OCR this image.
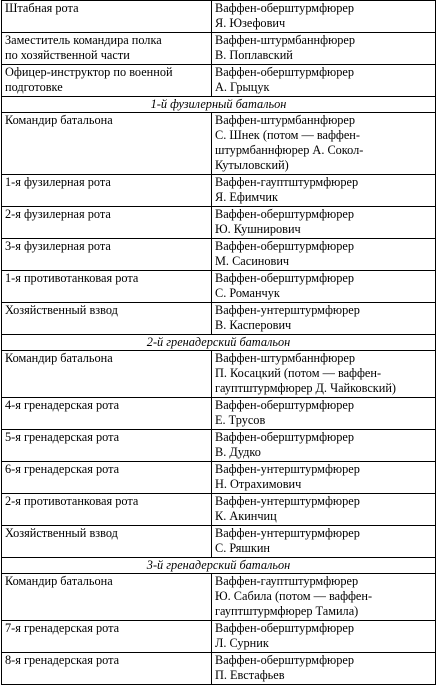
Штабная рота	Ваффен-оберштурмфюрер
Я. Юзефович

Заместитель командира полка
по хозяйственной части	Ваффен-штурмбаннфюрер
В. Поплавский

Офицер-инструктор по военной
подготовке	Ваффен-оберштурмфюрер
А. Грыцук

1-й фузилерный батальон	

Командир батальона	Ваффен-штурмбаннфюрер
С. Шнек (потом — ваффен-
штурмбаннфюрер А. Сокол-
Кутыловский)

1-я фузилерная рота	Ваффен-гауптштурмфюрер
Я. Ефимчик

2-я фузилерная рота	Ваффен-оберштурмфюрер
Ю. Кушнирович

3-я фузилерная рота	Ваффен-оберштурмфюрер
М. Сасинович

1-я противотанковая рота	Ваффен-оберштурмфюрер
С. Романчук

Хозяйственный взвод	Ваффен-унтерштурмфюрер
В. Касперович

2-й гренадерский батальон	

Командир батальона	Ваффен-штурмбаннфюрер
П. Косацкий (потом — ваффен-
гауптштурмфюрер Д. Чайковский)

4-я гренадерская рота	Ваффен-оберштурмфюрер
Е. Трусов

5-я гренадерская рота	Ваффен-оберштурмфюрер
В. Дудко

6-я гренадерская рота	Ваффен-унтерштурмфюрер
Н. Отрахимович

2-я противотанковая рота	Ваффен-унтерштурмфюрер
К. Акинчиц

Хозяйственный взвод	Ваффен-унтерштурмфюрер
С. Ряшкин

3-й гренадерский батальон	

Командир батальона	Ваффен-гауптштурмфюрер
Ю. Сабила (потом — ваффен-
гауптштурмфюрер Тамила)

7-я гренадерская рота	Ваффен-оберштурмфюрер
Л. Сурник

8-я гренадерская рота	Ваффен-оберштурмфюрер
П. Евстафьев
